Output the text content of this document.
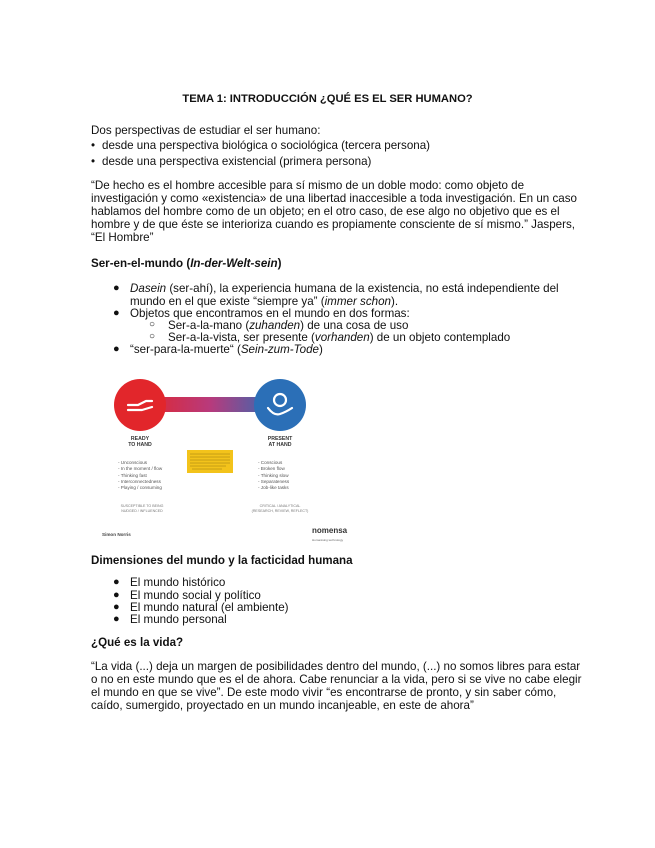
TEMA 1: INTRODUCCIÓN ¿QUÉ ES EL SER HUMANO?
Dos perspectivas de estudiar el ser humano:
• desde una perspectiva biológica o sociológica (tercera persona)
• desde una perspectiva existencial (primera persona)
“De hecho es el hombre accesible para sí mismo de un doble modo: como objeto de
investigación y como «existencia» de una libertad inaccesible a toda investigación. En un caso
hablamos del hombre como de un objeto; en el otro caso, de ese algo no objetivo que es el
hombre y de que éste se interioriza cuando es propiamente consciente de sí mismo.” Jaspers,
“El Hombre”
Ser-en-el-mundo (In-der-Welt-sein)
● Dasein (ser-ahí), la experiencia humana de la existencia, no está independiente del
mundo en el que existe “siempre ya” (immer schon).
● Objetos que encontramos en el mundo en dos formas:
○ Ser-a-la-mano (zuhanden) de una cosa de uso
○ Ser-a-la-vista, ser presente (vorhanden) de un objeto contemplado
● “ser-para-la-muerte“ (Sein-zum-Tode)
READY
TO HAND
PRESENT
AT HAND
- Unconscious
- In the moment / flow
- Thinking fast
- Interconnectedness
- Playing / consuming
- Conscious
- Broken flow
- Thinking slow
- Separateness
- Job-like tasks
SUSCEPTIBLE TO BEING
NUDGED / INFLUENCED
CRITICAL / ANALYTICAL
(RESEARCH, REVIEW, REFLECT)
Simon Norris	nomensa
Humanising technology
Dimensiones del mundo y la facticidad humana
● El mundo histórico
● El mundo social y político
● El mundo natural (el ambiente)
● El mundo personal
¿Qué es la vida?
“La vida (...) deja un margen de posibilidades dentro del mundo, (...) no somos libres para estar
o no en este mundo que es el de ahora. Cabe renunciar a la vida, pero si se vive no cabe elegir
el mundo en que se vive”. De este modo vivir “es encontrarse de pronto, y sin saber cómo,
caído, sumergido, proyectado en un mundo incanjeable, en este de ahora”
